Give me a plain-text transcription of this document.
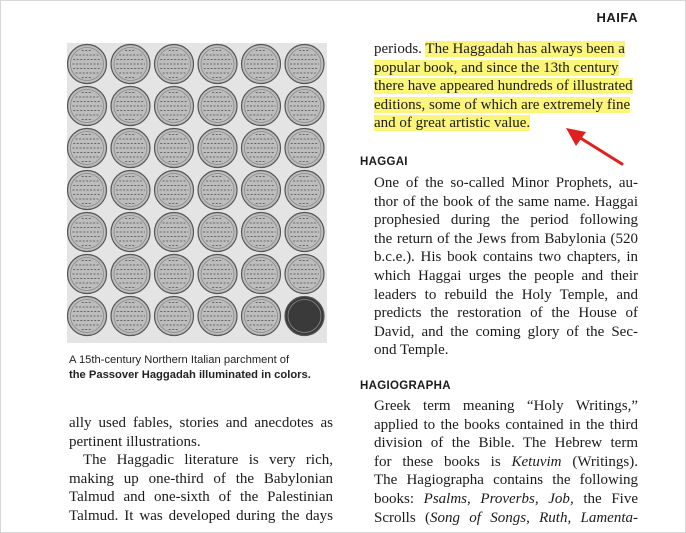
HAIFA
A 15th-century Northern Italian parchment of
the Passover Haggadah illuminated in colors.
ally used fables, stories and anecdotes as
pertinent illustrations.
The Haggadic literature is very rich,
making up one-third of the Babylonian
Talmud and one-sixth of the Palestinian
Talmud. It was developed during the days
periods. The Haggadah has always been a
popular book, and since the 13th century
there have appeared hundreds of illustrated
editions, some of which are extremely fine
and of great artistic value.
HAGGAI
One of the so-called Minor Prophets, au-
thor of the book of the same name. Haggai
prophesied during the period following
the return of the Jews from Babylonia (520
b.c.e.). His book contains two chapters, in
which Haggai urges the people and their
leaders to rebuild the Holy Temple, and
predicts the restoration of the House of
David, and the coming glory of the Sec-
ond Temple.
HAGIOGRAPHA
Greek term meaning “Holy Writings,”
applied to the books contained in the third
division of the Bible. The Hebrew term
for these books is Ketuvim (Writings).
The Hagiographa contains the following
books: Psalms, Proverbs, Job, the Five
Scrolls (Song of Songs, Ruth, Lamenta-
